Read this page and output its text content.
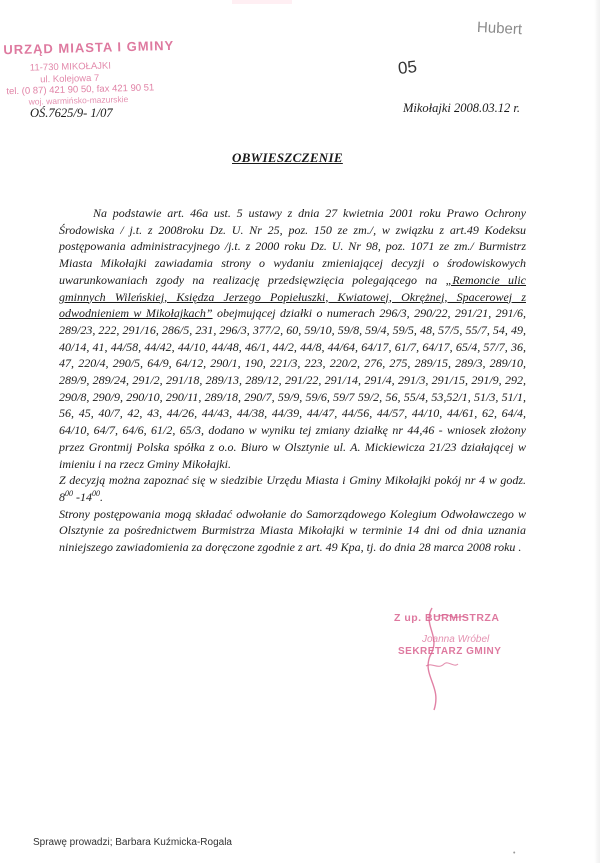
URZĄD MIASTA I GMINY
11-730 MIKOŁAJKI
ul. Kolejowa 7
tel. (0 87) 421 90 50, fax 421 90 51
woj. warmińsko-mazurskie
Hubert
05
OŚ.7625/9- 1/07	Mikołajki 2008.03.12 r.
OBWIESZCZENIE

Na podstawie art. 46a ust. 5 ustawy z dnia 27 kwietnia 2001 roku Prawo Ochrony Środowiska / j.t. z 2008roku Dz. U. Nr 25, poz. 150 ze zm./, w związku z art.49 Kodeksu postępowania administracyjnego /j.t. z 2000 roku Dz. U. Nr 98, poz. 1071 ze zm./ Burmistrz Miasta Mikołajki zawiadamia strony o wydaniu zmieniającej decyzji o środowiskowych uwarunkowaniach zgody na realizację przedsięwzięcia polegającego na „Remoncie ulic gminnych Wileńskiej, Księdza Jerzego Popiełuszki, Kwiatowej, Okrężnej, Spacerowej z odwodnieniem w Mikołajkach” obejmującej działki o numerach 296/3, 290/22, 291/21, 291/6, 289/23, 222, 291/16, 286/5, 231, 296/3, 377/2, 60, 59/10, 59/8, 59/4, 59/5, 48, 57/5, 55/7, 54, 49, 40/14, 41, 44/58, 44/42, 44/10, 44/48, 46/1, 44/2, 44/8, 44/64, 64/17, 61/7, 64/17, 65/4, 57/7, 36, 47, 220/4, 290/5, 64/9, 64/12, 290/1, 190, 221/3, 223, 220/2, 276, 275, 289/15, 289/3, 289/10, 289/9, 289/24, 291/2, 291/18, 289/13, 289/12, 291/22, 291/14, 291/4, 291/3, 291/15, 291/9, 292, 290/8, 290/9, 290/10, 290/11, 289/18, 290/7, 59/9, 59/6, 59/7 59/2, 56, 55/4, 53,52/1, 51/3, 51/1, 56, 45, 40/7, 42, 43, 44/26, 44/43, 44/38, 44/39, 44/47, 44/56, 44/57, 44/10, 44/61, 62, 64/4, 64/10, 64/7, 64/6, 61/2, 65/3, dodano w wyniku tej zmiany działkę nr 44,46 - wniosek złożony przez Grontmij Polska spółka z o.o. Biuro w Olsztynie ul. A. Mickiewicza 21/23 działającej w imieniu i na rzecz Gminy Mikołajki.

Z decyzją można zapoznać się w siedzibie Urzędu Miasta i Gminy Mikołajki pokój nr 4 w godz. $8^{00}$ $-14^{00}$.

Strony postępowania mogą składać odwołanie do Samorządowego Kolegium Odwoławczego w Olsztynie za pośrednictwem Burmistrza Miasta Mikołajki w terminie 14 dni od dnia uznania niniejszego zawiadomienia za doręczone zgodnie z art. 49 Kpa, tj. do dnia 28 marca 2008 roku .

Z up. BURMISTRZA
Joanna Wróbel
SEKRETARZ GMINY
Sprawę prowadzi; Barbara Kuźmicka-Rogala
•
